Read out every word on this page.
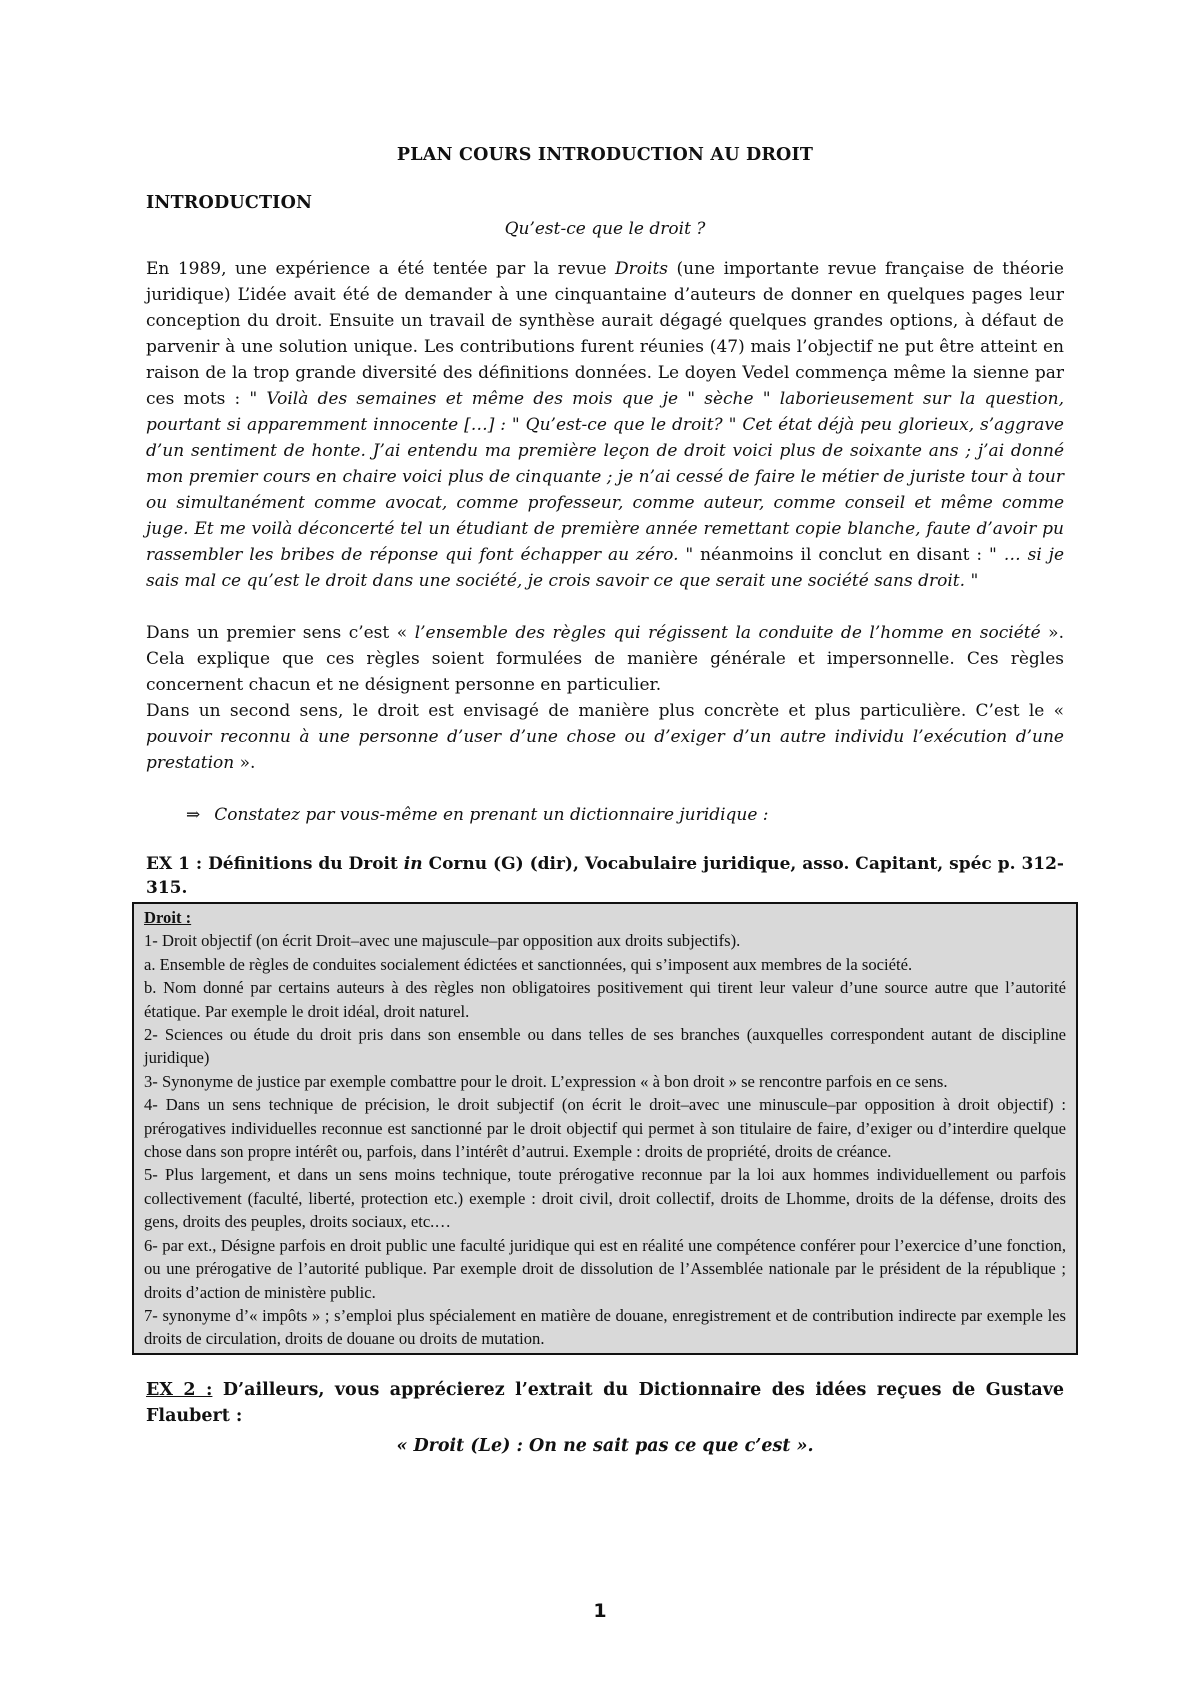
PLAN COURS INTRODUCTION AU DROIT
INTRODUCTION
Qu’est-ce que le droit ?

En 1989, une expérience a été tentée par la revue Droits (une importante revue française de théorie juridique) L’idée avait été de demander à une cinquantaine d’auteurs de donner en quelques pages leur conception du droit. Ensuite un travail de synthèse aurait dégagé quelques grandes options, à défaut de parvenir à une solution unique. Les contributions furent réunies (47) mais l’objectif ne put être atteint en raison de la trop grande diversité des définitions données. Le doyen Vedel commença même la sienne par ces mots : " Voilà des semaines et même des mois que je " sèche " laborieusement sur la question, pourtant si apparemment innocente […] : " Qu’est-ce que le droit? " Cet état déjà peu glorieux, s’aggrave d’un sentiment de honte. J’ai entendu ma première leçon de droit voici plus de soixante ans ; j’ai donné mon premier cours en chaire voici plus de cinquante ; je n’ai cessé de faire le métier de juriste tour à tour ou simultanément comme avocat, comme professeur, comme auteur, comme conseil et même comme juge. Et me voilà déconcerté tel un étudiant de première année remettant copie blanche, faute d’avoir pu rassembler les bribes de réponse qui font échapper au zéro. " néanmoins il conclut en disant : " … si je sais mal ce qu’est le droit dans une société, je crois savoir ce que serait une société sans droit. "

Dans un premier sens c’est « l’ensemble des règles qui régissent la conduite de l’homme en société ». Cela explique que ces règles soient formulées de manière générale et impersonnelle. Ces règles concernent chacun et ne désignent personne en particulier.

Dans un second sens, le droit est envisagé de manière plus concrète et plus particulière. C’est le « pouvoir reconnu à une personne d’user d’une chose ou d’exiger d’un autre individu l’exécution d’une prestation ».

⇒ Constatez par vous-même en prenant un dictionnaire juridique :
EX 1 : Définitions du Droit in Cornu (G) (dir), Vocabulaire juridique, asso. Capitant, spéc p. 312-315.

Droit :

1- Droit objectif (on écrit Droit–avec une majuscule–par opposition aux droits subjectifs).

a. Ensemble de règles de conduites socialement édictées et sanctionnées, qui s’imposent aux membres de la société.

b. Nom donné par certains auteurs à des règles non obligatoires positivement qui tirent leur valeur d’une source autre que l’autorité étatique. Par exemple le droit idéal, droit naturel.

2- Sciences ou étude du droit pris dans son ensemble ou dans telles de ses branches (auxquelles correspondent autant de discipline juridique)

3- Synonyme de justice par exemple combattre pour le droit. L’expression « à bon droit » se rencontre parfois en ce sens.

4- Dans un sens technique de précision, le droit subjectif (on écrit le droit–avec une minuscule–par opposition à droit objectif) : prérogatives individuelles reconnue est sanctionné par le droit objectif qui permet à son titulaire de faire, d’exiger ou d’interdire quelque chose dans son propre intérêt ou, parfois, dans l’intérêt d’autrui. Exemple : droits de propriété, droits de créance.

5- Plus largement, et dans un sens moins technique, toute prérogative reconnue par la loi aux hommes individuellement ou parfois collectivement (faculté, liberté, protection etc.) exemple : droit civil, droit collectif, droits de Lhomme, droits de la défense, droits des gens, droits des peuples, droits sociaux, etc.…

6- par ext., Désigne parfois en droit public une faculté juridique qui est en réalité une compétence conférer pour l’exercice d’une fonction, ou une prérogative de l’autorité publique. Par exemple droit de dissolution de l’Assemblée nationale par le président de la république ; droits d’action de ministère public.

7- synonyme d’« impôts » ; s’emploi plus spécialement en matière de douane, enregistrement et de contribution indirecte par exemple les droits de circulation, droits de douane ou droits de mutation.

EX 2 : D’ailleurs, vous apprécierez l’extrait du Dictionnaire des idées reçues de Gustave Flaubert :
« Droit (Le) : On ne sait pas ce que c’est ».
1
